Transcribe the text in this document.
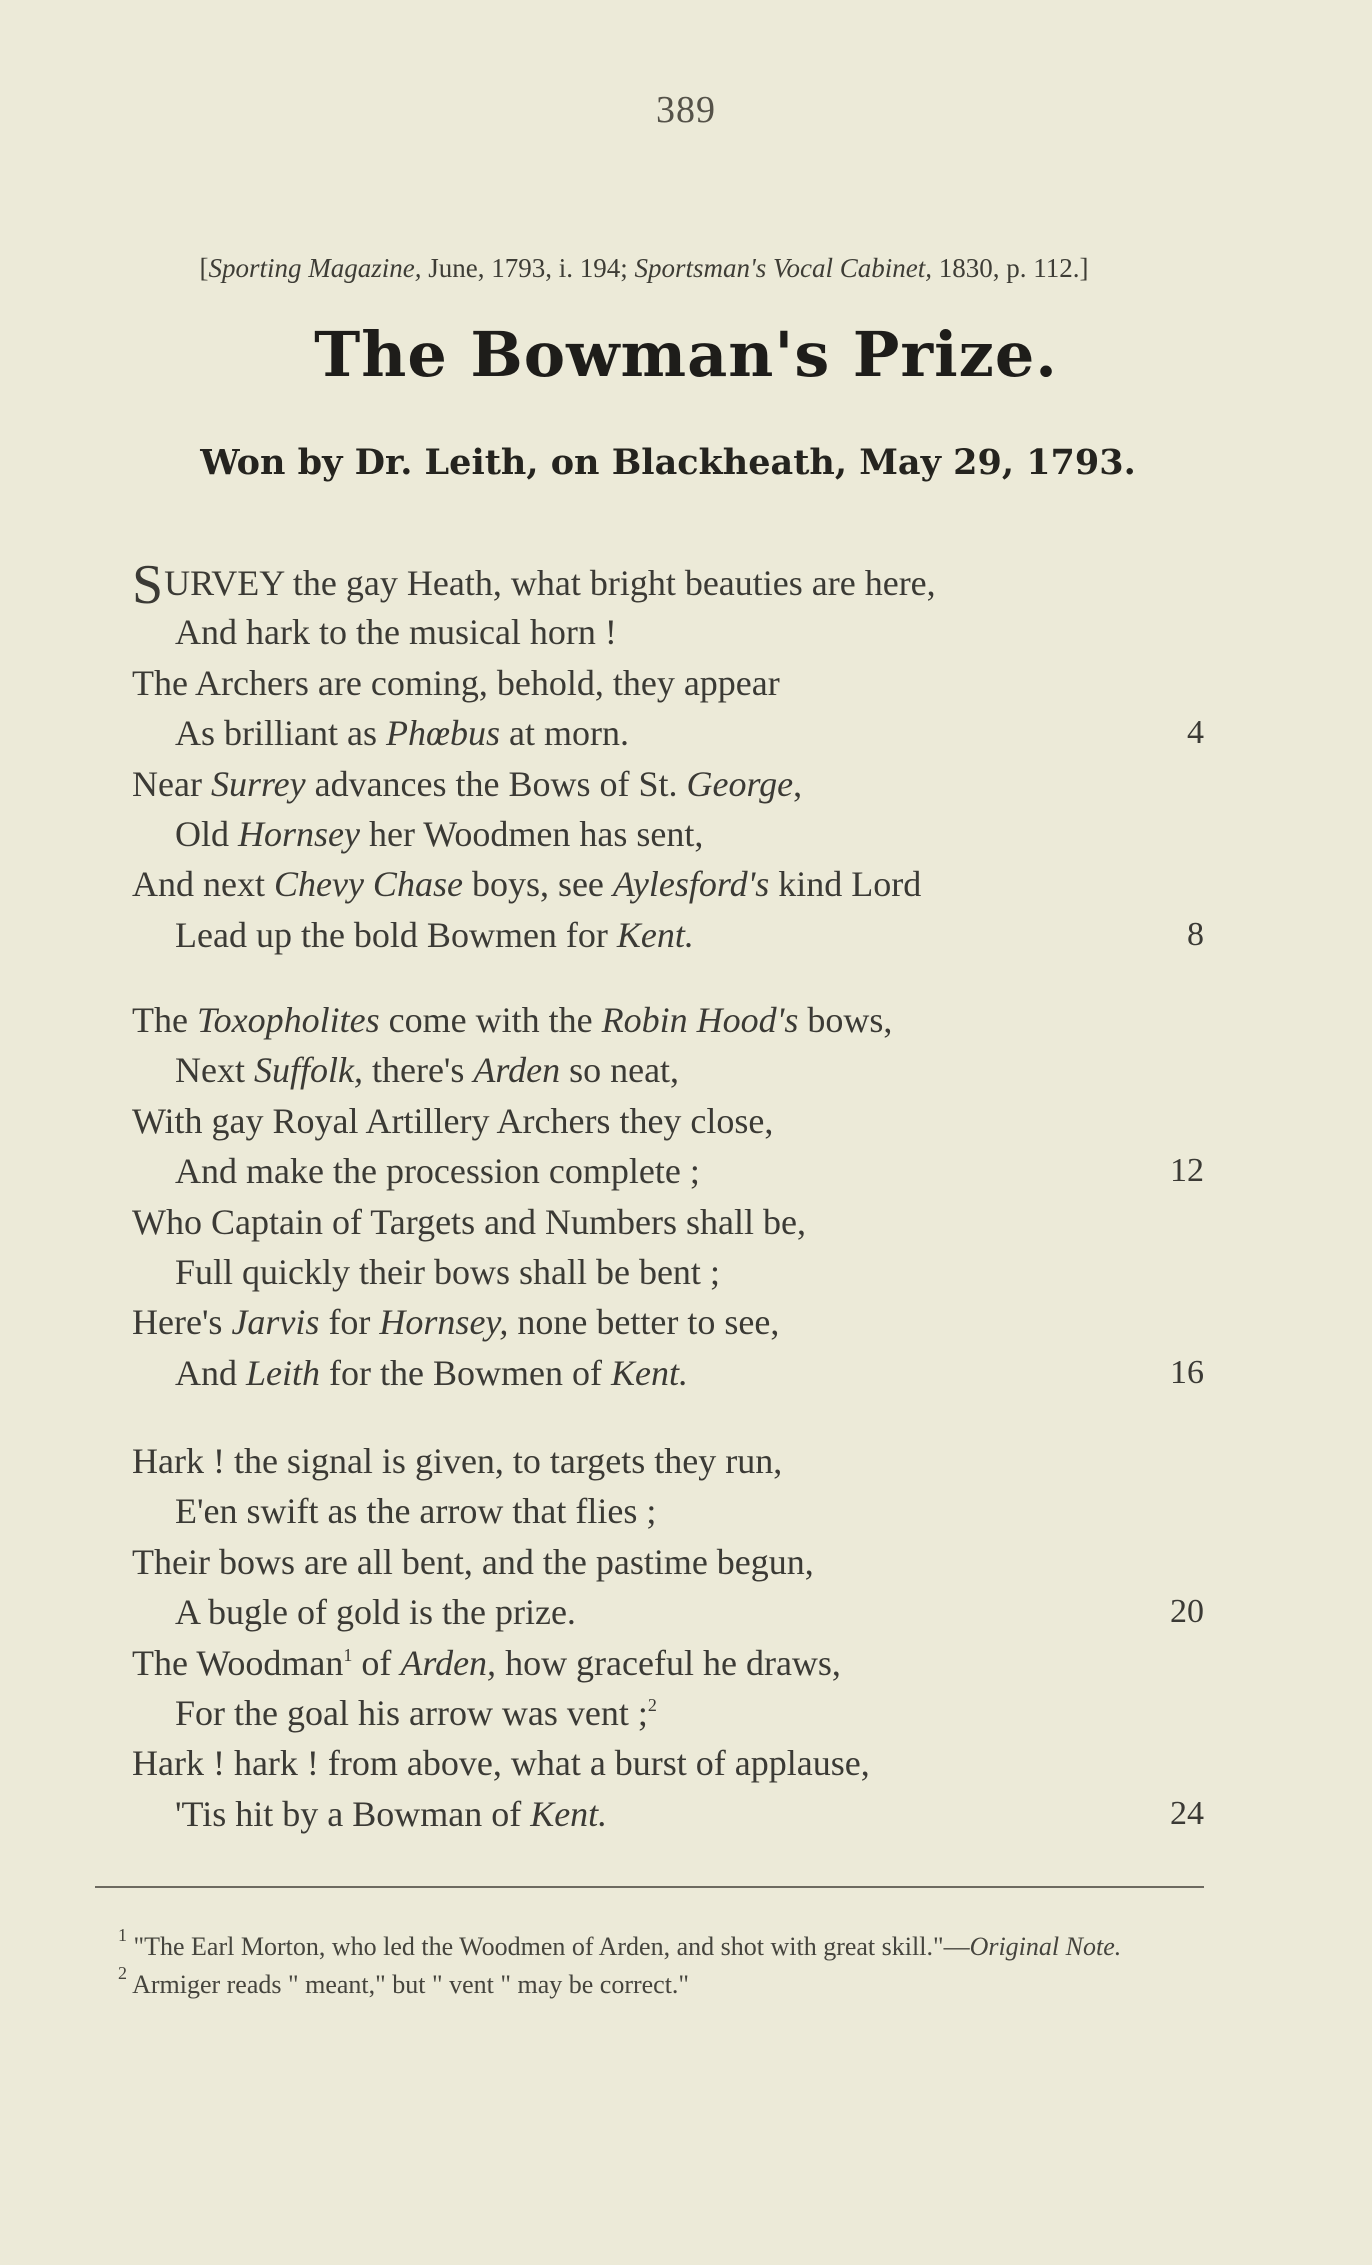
389
[Sporting Magazine, June, 1793, i. 194; Sportsman's Vocal Cabinet, 1830, p. 112.]
The Bowman's Prize.
Won by Dr. Leith, on Blackheath, May 29, 1793.
SURVEY the gay Heath, what bright beauties are here,
And hark to the musical horn !
The Archers are coming, behold, they appear
As brilliant as Phœbus at morn.	4
Near Surrey advances the Bows of St. George,
Old Hornsey her Woodmen has sent,
And next Chevy Chase boys, see Aylesford's kind Lord
Lead up the bold Bowmen for Kent.	8
The Toxopholites come with the Robin Hood's bows,
Next Suffolk, there's Arden so neat,
With gay Royal Artillery Archers they close,
And make the procession complete ;	12
Who Captain of Targets and Numbers shall be,
Full quickly their bows shall be bent ;
Here's Jarvis for Hornsey, none better to see,
And Leith for the Bowmen of Kent.	16
Hark ! the signal is given, to targets they run,
E'en swift as the arrow that flies ;
Their bows are all bent, and the pastime begun,
A bugle of gold is the prize.	20
The Woodman$^1$ of Arden, how graceful he draws,
For the goal his arrow was vent ;$^2$
Hark ! hark ! from above, what a burst of applause,
'Tis hit by a Bowman of Kent.	24
$^1$ "The Earl Morton, who led the Woodmen of Arden, and shot with great skill."—Original Note.
$^2$ Armiger reads " meant," but " vent " may be correct."
